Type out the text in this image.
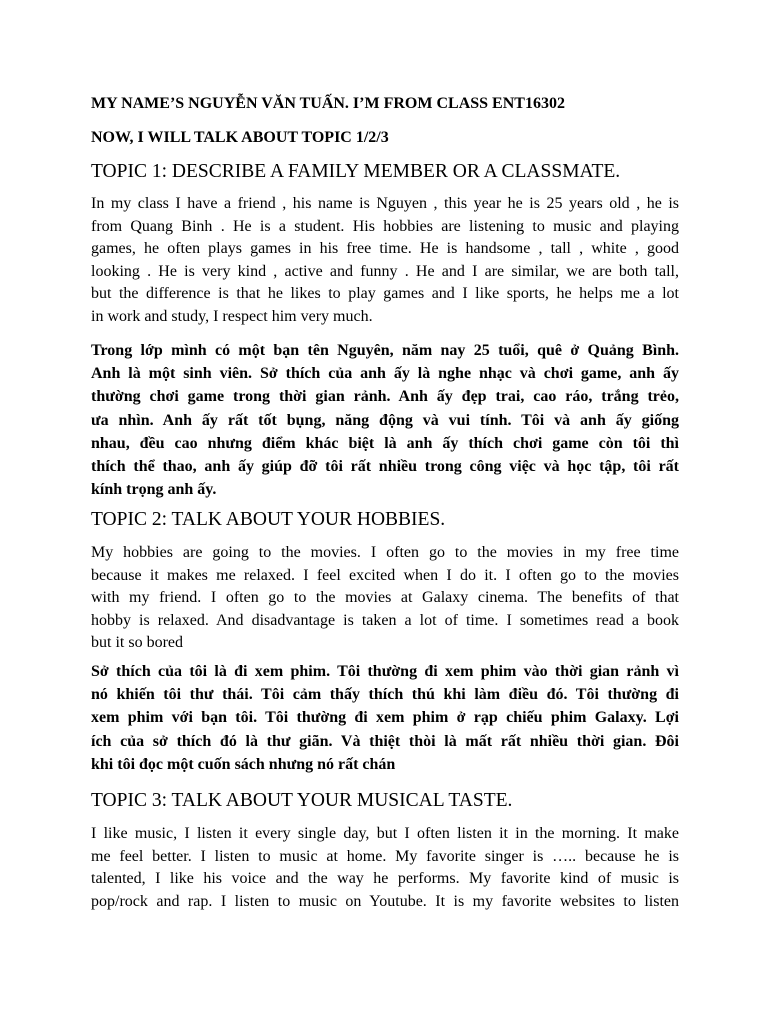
MY NAME’S NGUYỄN VĂN TUẤN. I’M FROM CLASS ENT16302
NOW, I WILL TALK ABOUT TOPIC 1/2/3
TOPIC 1: DESCRIBE A FAMILY MEMBER OR A CLASSMATE.
In my class I have a friend , his name is Nguyen , this year he is 25 years old , he is
from Quang Binh . He is a student. His hobbies are listening to music and playing
games, he often plays games in his free time. He is handsome , tall , white , good
looking . He is very kind , active and funny . He and I are similar, we are both tall,
but the difference is that he likes to play games and I like sports, he helps me a lot
in work and study, I respect him very much.
Trong lớp mình có một bạn tên Nguyên, năm nay 25 tuổi, quê ở Quảng Bình.
Anh là một sinh viên. Sở thích của anh ấy là nghe nhạc và chơi game, anh ấy
thường chơi game trong thời gian rảnh. Anh ấy đẹp trai, cao ráo, trắng trẻo,
ưa nhìn. Anh ấy rất tốt bụng, năng động và vui tính. Tôi và anh ấy giống
nhau, đều cao nhưng điểm khác biệt là anh ấy thích chơi game còn tôi thì
thích thể thao, anh ấy giúp đỡ tôi rất nhiều trong công việc và học tập, tôi rất
kính trọng anh ấy.
TOPIC 2: TALK ABOUT YOUR HOBBIES.
My hobbies are going to the movies. I often go to the movies in my free time
because it makes me relaxed. I feel excited when I do it. I often go to the movies
with my friend. I often go to the movies at Galaxy cinema. The benefits of that
hobby is relaxed. And disadvantage is taken a lot of time. I sometimes read a book
but it so bored
Sở thích của tôi là đi xem phim. Tôi thường đi xem phim vào thời gian rảnh vì
nó khiến tôi thư thái. Tôi cảm thấy thích thú khi làm điều đó. Tôi thường đi
xem phim với bạn tôi. Tôi thường đi xem phim ở rạp chiếu phim Galaxy. Lợi
ích của sở thích đó là thư giãn. Và thiệt thòi là mất rất nhiều thời gian. Đôi
khi tôi đọc một cuốn sách nhưng nó rất chán
TOPIC 3: TALK ABOUT YOUR MUSICAL TASTE.
I like music, I listen it every single day, but I often listen it in the morning. It make
me feel better. I listen to music at home. My favorite singer is ….. because he is
talented, I like his voice and the way he performs. My favorite kind of music is
pop/rock and rap. I listen to music on Youtube. It is my favorite websites to listen
